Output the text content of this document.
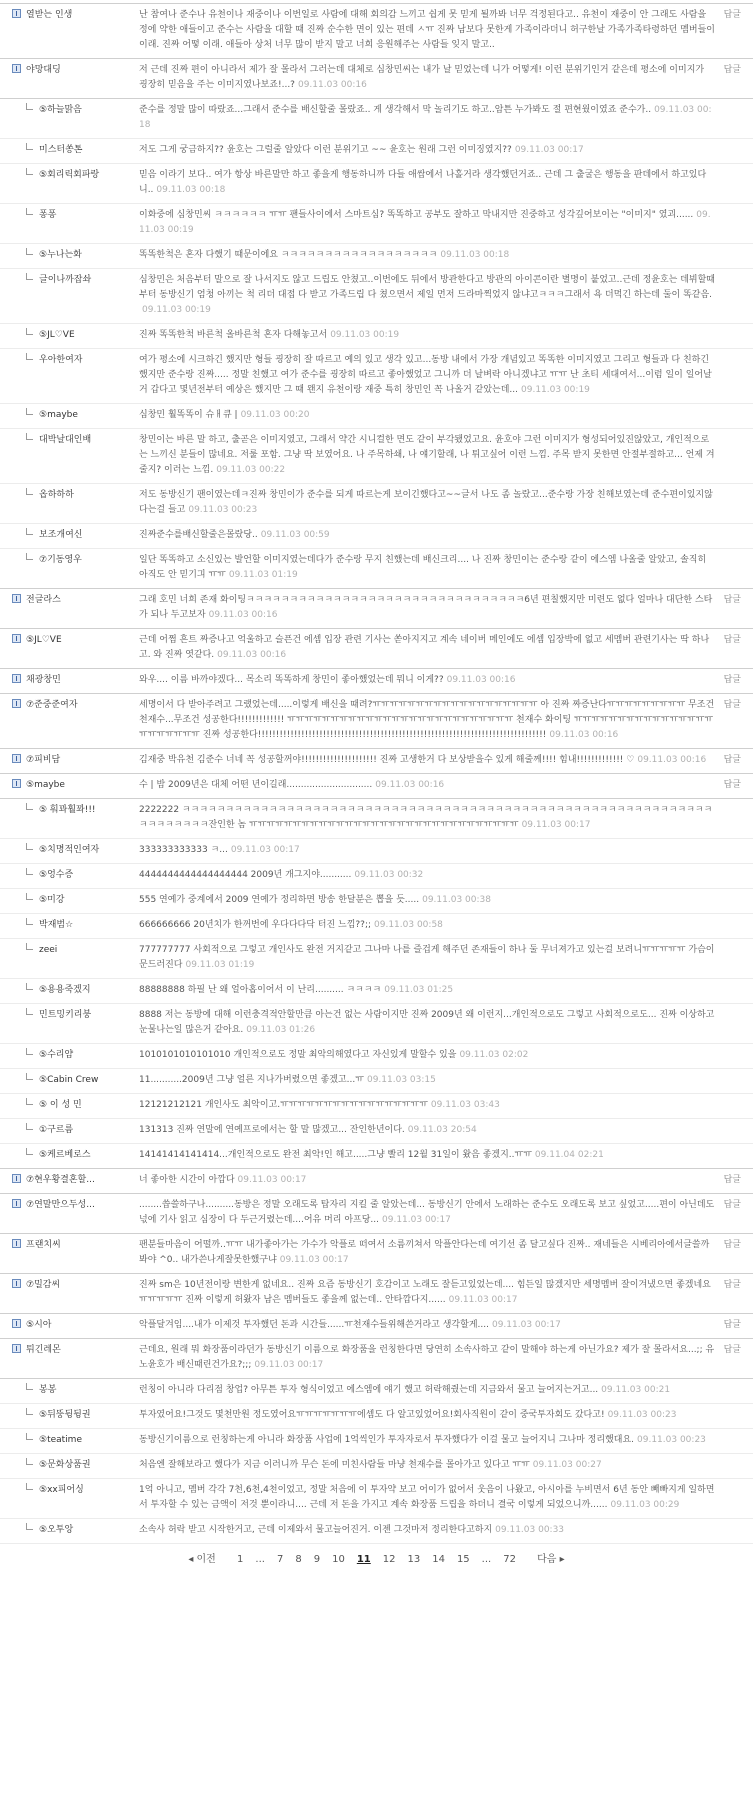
열받는 인생	난 참여나 준수나 유천이나 재중이나 이번일로 사람에 대해 회의감 느끼고 쉽게 못 믿게 될까봐 너무 걱정된다고.. 유천이 재중이 안 그래도 사람을 정에 약한 애들이고 준수는 사람을 대할 때 진짜 순수한 면이 있는 편데 ㅅㅠ 진짜 남보다 못한게 가족이라더니 허구한날 가족가족타령하던 멤버들이 이래. 진짜 어떻 이래. 애들아 상처 너무 많이 받지 말고 너희 응원해주는 사람들 잊지 말고..
답글
야망대딩	저 근데 진짜 편이 아니라서 제가 잘 몰라서 그러는데 대체로 심창민씨는 내가 날 믿었는데 니가 어떻게! 이런 분위기인거 같은데 평소에 이미지가 굉장히 믿음을 주는 이미지였나보죠!...? 09.11.03 00:16
답글
⑤하늘맑음	준수를 정말 많이 따랐죠...그래서 준수를 배신할줄 몰랐죠.. 게 생각해서 막 놀리기도 하고..암튼 누가봐도 절 편현웠이였죠 준수가.. 09.11.03 00:18
미스터쏭톤	저도 그게 궁금하지?? 윤호는 그럴줄 알았다 이런 분위기고 ~~ 윤호는 원래 그런 이미징였지?? 09.11.03 00:17
⑤회리릭회파랑	믿음 이라기 보다.. 여가 항상 바른말만 하고 좋을게 행동하니까 다들 애쌉에서 나홀거라 생각했던거죠.. 근데 그 출굴은 행동을 판데에서 하고있다니.. 09.11.03 00:18
퐁퐁	이화중에 심창민씨 ㅋㅋㅋㅋㅋㅋ ㅠㅠ 팬들사이에서 스마트심? 똑똑하고 공부도 잘하고 막내지만 진중하고 성각깊어보이는 "이미지" 였괴...... 09.11.03 00:19
⑤누나는화	똑똑한척은 혼자 다했기 때문이에요 ㅋㅋㅋㅋㅋㅋㅋㅋㅋㅋㅋㅋㅋㅋㅋㅋㅋㅋ 09.11.03 00:18
글이나까잡솨	심창민은 처음부터 말으로 잘 나서지도 않고 드립도 안쳤고..이번에도 뒤에서 방관한다고 방관의 아이콘이란 별명이 붙었고..근데 정윤호는 데뷔할때부터 동방신기 엄청 아끼는 척 리더 대접 다 받고 가족드립 다 쳤으면서 제일 먼저 드라마찍었지 않냐고ㅋㅋㅋ그래서 욕 더먹긴 하는데 둘이 똑같음.09.11.03 00:19
⑤JL♡VE	진짜 똑똑한척 바른척 올바른척 혼자 다해놓고서 09.11.03 00:19
우아한여자	여가 평소에 시크하긴 했지만 형들 굉장히 잘 따르고 예의 있고 생각 있고...동방 내에서 가장 개념있고 똑똑한 이미지였고 그리고 형들과 다 친하긴 했지만 준수랑 진짜..... 정말 친했고 여가 준수를 굉장히 따르고 좋아했었고 그니까 더 날벼락 아니겠냐고 ㅠㅠ 난 초티 세대여서...이럼 일이 일어날거 갑다고 몇년전부터 예상은 했지만 그 때 왠지 유천이랑 재중 특히 창민인 꼭 나올거 같았는데... 09.11.03 00:19
⑤maybe	심창민 훨똑똑이 슈ㅐ큐 | 09.11.03 00:20
대박날대인배	창민이는 바른 말 하고, 출곧은 이미지였고, 그래서 약간 시니컬한 면도 같이 부각됐었고요. 윤호야 그런 이미지가 형성되어있진않았고, 개인적으로는 느끼신 분들이 많네요. 저룰 포함. 그냥 딱 보였어요. 나 주목하쇄, 나 얘기할래, 나 튀고싶어 이런 느낌. 주목 받지 못한면 안절부절하고... 언제 겨줄지? 이러는 느낌. 09.11.03 00:22
옵하하하	저도 동방신기 팬이였는데ㅋ진짜 창민이가 준수를 되게 따르는게 보이긴했다고~~글서 나도 좀 놀랐고...준수랑 가장 친해보였는데 준수편이있지않다는걸 들고 09.11.03 00:23
보조개여신	진짜준수를배신할줄은몰랐당.. 09.11.03 00:59
⑦기동영우	일단 똑똑하고 소신있는 발언할 이미지였는데다가 준수랑 무지 친했는데 배신크리.... 나 진짜 창민이는 준수랑 같이 에스엠 나올줄 알았고, 솔직히 아직도 안 믿기긔 ㅠㅠ 09.11.03 01:19
전글라스	그래 호민 너희 존재 화이팅ㅋㅋㅋㅋㅋㅋㅋㅋㅋㅋㅋㅋㅋㅋㅋㅋㅋㅋㅋㅋㅋㅋㅋㅋㅋㅋㅋㅋㅋㅋㅋㅋ6년 편칠했지만 미련도 없다 얼마나 대단한 스타가 되나 두고보자 09.11.03 00:16
답글
⑤JL♡VE	근데 어쩜 흔트 짜증나고 억울하고 슬픈건 에셈 입장 관련 기사는 쏟아지지고 계속 네이버 메인에도 에셈 입장박에 없고 세멤버 관련기사는 딱 하나고. 와 진짜 엿같다. 09.11.03 00:16
답글
채광창민	와우.... 이름 바까야겠다... 목소리 똑똑하게 창민이 좋아했었는데 뭐니 이게?? 09.11.03 00:16	답글
⑦준중준여자	세명이서 다 받아주려고 그랬었는데.....이렇게 배신을 때려?ㅠㅠㅠㅠㅠㅠㅠㅠㅠㅠㅠㅠㅠㅠㅠㅠㅠㅠㅠ 아 진짜 짜증난다ㅠㅠㅠㅠㅠㅠㅠㅠㅠ 무조건 천재수...무조건 성공한다!!!!!!!!!!!!! ㅠㅠㅠㅠㅠㅠㅠㅠㅠㅠㅠㅠㅠㅠㅠㅠㅠㅠㅠㅠㅠㅠㅠㅠㅠㅠ 천재수 화이팅 ㅠㅠㅠㅠㅠㅠㅠㅠㅠㅠㅠㅠㅠㅠㅠㅠㅠㅠㅠㅠㅠㅠㅠ 진짜 성공한다!!!!!!!!!!!!!!!!!!!!!!!!!!!!!!!!!!!!!!!!!!!!!!!!!!!!!!!!!!!!!!!!!!!!!!!!!!!!!!!! 09.11.03 00:16
답글
⑦피비담	김재중 박유천 김준수 너네 꼭 성공할꺼야!!!!!!!!!!!!!!!!!!!!! 진짜 고생한거 다 보상받을수 있게 해줄께!!!! 힘내!!!!!!!!!!!!! ♡ 09.11.03 00:16	답글
⑤maybe	수 | 밤 2009년은 대체 어떤 년이길래.............................. 09.11.03 00:16	답글
⑤ 훠꽈훨꽈!!!	2222222 ㅋㅋㅋㅋㅋㅋㅋㅋㅋㅋㅋㅋㅋㅋㅋㅋㅋㅋㅋㅋㅋㅋㅋㅋㅋㅋㅋㅋㅋㅋㅋㅋㅋㅋㅋㅋㅋㅋㅋㅋㅋㅋㅋㅋㅋㅋㅋㅋㅋㅋㅋㅋㅋㅋㅋㅋㅋㅋㅋㅋㅋㅋㅋㅋㅋㅋㅋㅋㅋ잔인한 놈 ㅠㅠㅠㅠㅠㅠㅠㅠㅠㅠㅠㅠㅠㅠㅠㅠㅠㅠㅠㅠㅠㅠㅠㅠㅠㅠㅠㅠㅠㅠㅠ 09.11.03 00:17
⑤치명적인여자	333333333333 ㅋ... 09.11.03 00:17
⑤엉수증	4444444444444444444 2009년 개그지야........... 09.11.03 00:32
⑤미강	555 연예가 중계에서 2009 연예가 정리하면 방송 한달분은 뽑을 듯..... 09.11.03 00:38
박재범☆	666666666 20년치가 한꺼번에 우다다다닥 터진 느낌??;; 09.11.03 00:58
zeei	777777777 사회적으로 그렇고 개인사도 완전 거지같고 그나마 나를 즐겁게 해주던 존재들이 하나 둘 무너져가고 있는걸 보려니ㅠㅠㅠㅠㅠ 가슴이 문드러진다 09.11.03 01:19
⑤용용죽겠지	88888888 하필 난 왜 얼아홉이어서 이 난리.......... ㅋㅋㅋㅋ 09.11.03 01:25
민트밍키리붕	8888 저는 동방에 대해 이런충격적안할만큼 아는건 없는 사람이지만 진짜 2009년 왜 이런지...개인적으로도 그렇고 사회적으로도... 진짜 이상하고 눈물나는일 많은거 같아요. 09.11.03 01:26
⑤수리얌	1010101010101010 개인적으로도 정말 최악의해였다고 자신있게 말할수 있을 09.11.03 02:02
⑤Cabin Crew	11...........2009년 그냥 얼른 지나가버렸으면 좋겠고...ㅠ 09.11.03 03:15
⑤ 이 성 민	12121212121 개인사도 최악이고.ㅠㅠㅠㅠㅠㅠㅠㅠㅠㅠㅠㅠㅠㅠㅠㅠㅠ 09.11.03 03:43
①구르름	131313 진짜 연말에 연예프로에서는 할 말 많겠고... 잔인한년이다. 09.11.03 20:54
⑤케르베로스	14141414141414...개인적으로도 완전 최악!인 해고.....그냥 빨리 12월 31일이 왔음 좋겠지..ㅠㅠ 09.11.04 02:21
⑦현우황결혼할...	너 좋아한 시간이 아깝다 09.11.03 00:17	답글
⑦연말만으두성...	........씁쓸하구나..........동방은 정말 오래도록 탑자리 지킬 줄 알았는데... 동방신기 안에서 노래하는 준수도 오래도록 보고 싶었고.....편이 아닌데도 넋에 기사 읽고 심장이 다 두근거렸는데....어유 머리 아프당... 09.11.03 00:17
답글
프랜치씨	팬분들마음이 어떨까..ㅠㅠ 내가좋아가는 가수가 악플로 떠여서 소름끼쳐서 악플안다는데 여기선 좀 달고싶다 진짜.. 재네들은 시베리아에서글쓸까봐야 ^0.. 내가쓴나게잘못한했구냐 09.11.03 00:17
답글
⑦밀감씨	진짜 sm은 10년전이랑 변한게 없네요.. 진짜 요즘 동방신기 호감이고 노래도 잘듣고있었는데.... 힘든일 많겠지만 세명멤버 잘이겨냈으면 좋겠네요 ㅠㅠㅠㅠㅠ 진짜 이렇게 허왔자 남은 멤버들도 좋을께 없는데.. 안타깝다지...... 09.11.03 00:17
답글
⑤시아	악플달겨임....내가 이제것 투자했던 돈과 시간들......ㅠ천재수들위해쓴거라고 생각할게.... 09.11.03 00:17	답글
튀긴레몬	근데요, 원래 뭐 화장품이라던가 동방신기 이름으로 화장품을 런칭한다면 당연히 소속사하고 같이 말해야 하는게 아닌가요? 제가 잘 몰라서요...;; 유노윤호가 배신때린건가요?;;; 09.11.03 00:17
답글
봉봉	런칭이 아니라 다리점 창업? 아무튼 투자 형식이었고 에스엠에 얘기 했고 허락해줬는데 지금와서 물고 늘어지는거고... 09.11.03 00:21
⑤뒤뚱뒹뒹권	투자였어요!그것도 몇천만원 정도였어요ㅠㅠㅠㅠㅠㅠㅠ에셈도 다 알고있었어요!회사직원이 같이 중국투자회도 갔다고! 09.11.03 00:23
⑤teatime	동방신기이름으로 런칭하는게 아니라 화장품 사업에 1억씩인가 투자자로서 투자했다가 이걸 물고 늘어지니 그나마 정리했대요. 09.11.03 00:23
⑤문화상품권	처음엔 잘해보라고 했다가 지금 이러니까 무슨 돈에 미친사람들 마냥 천재수를 몰아가고 있다고 ㅠㅠ 09.11.03 00:27
⑤xx피어싱	1억 아니고, 멤버 각각 7천,6천,4천이었고, 정말 처음에 이 투자약 보고 어이가 없어서 웃음이 나왔고, 아시아를 누비면서 6년 동안 빼빠지게 일하면서 투자할 수 있는 금액이 저것 뿐이라니.... 근데 저 돈을 가지고 계속 화장품 드립을 하더니 결국 이렇게 되었으니까...... 09.11.03 00:29
⑤오투앙	소속사 허락 받고 시작한거고, 근데 이제와서 물고늘어진거. 이젠 그것마저 정리한다고하지 09.11.03 00:33
◂ 이전 1 ... 7 8 9 10 11 12 13 14 15 ... 72 다음 ▸
